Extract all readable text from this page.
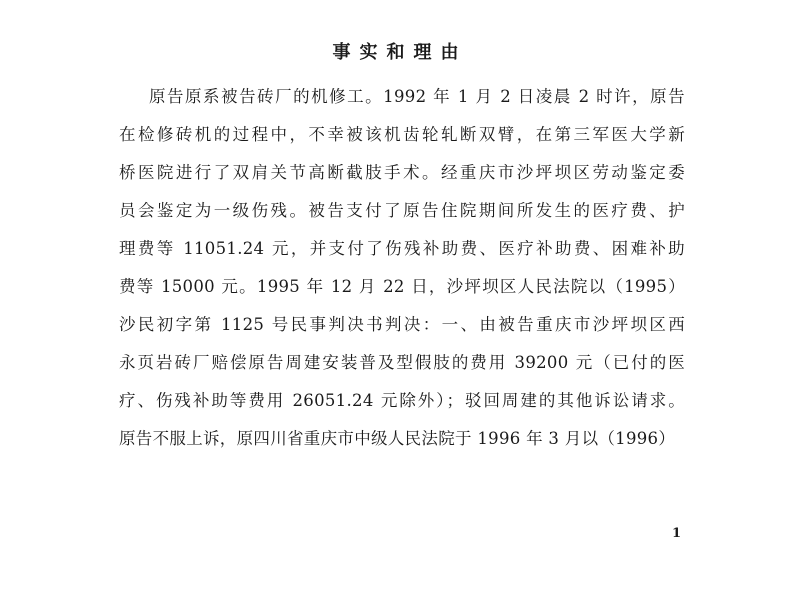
事实和理由
原告原系被告砖厂的机修工。1992 年 1 月 2 日凌晨 2 时许，原告
在检修砖机的过程中，不幸被该机齿轮轧断双臂，在第三军医大学新
桥医院进行了双肩关节高断截肢手术。经重庆市沙坪坝区劳动鉴定委
员会鉴定为一级伤残。被告支付了原告住院期间所发生的医疗费、护
理费等 11051.24 元，并支付了伤残补助费、医疗补助费、困难补助
费等 15000 元。1995 年 12 月 22 日，沙坪坝区人民法院以（1995）
沙民初字第 1125 号民事判决书判决：一、由被告重庆市沙坪坝区西
永页岩砖厂赔偿原告周建安装普及型假肢的费用 39200 元（已付的医
疗、伤残补助等费用 26051.24 元除外）；驳回周建的其他诉讼请求。
原告不服上诉，原四川省重庆市中级人民法院于 1996 年 3 月以（1996）
1
